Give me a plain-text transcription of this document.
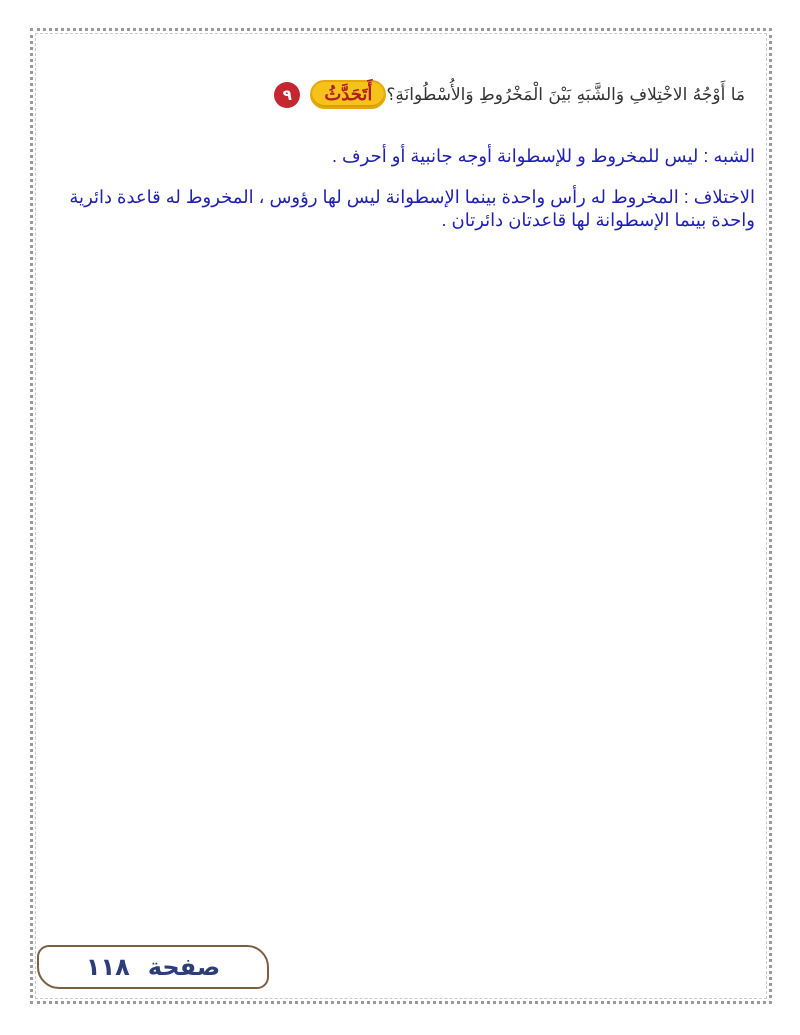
٩	أَتَحَدَّثُ مَا أَوْجُهُ الاخْتِلافِ وَالشَّبَهِ بَيْنَ الْمَخْرُوطِ وَالأُسْطُوانَةِ؟

الشبه : ليس للمخروط و للإسطوانة أوجه جانبية أو أحرف .

الاختلاف : المخروط له رأس واحدة بينما الإسطوانة ليس لها رؤوس ، المخروط له قاعدة دائرية واحدة بينما الإسطوانة لها قاعدتان دائرتان .

صفحة
١١٨
